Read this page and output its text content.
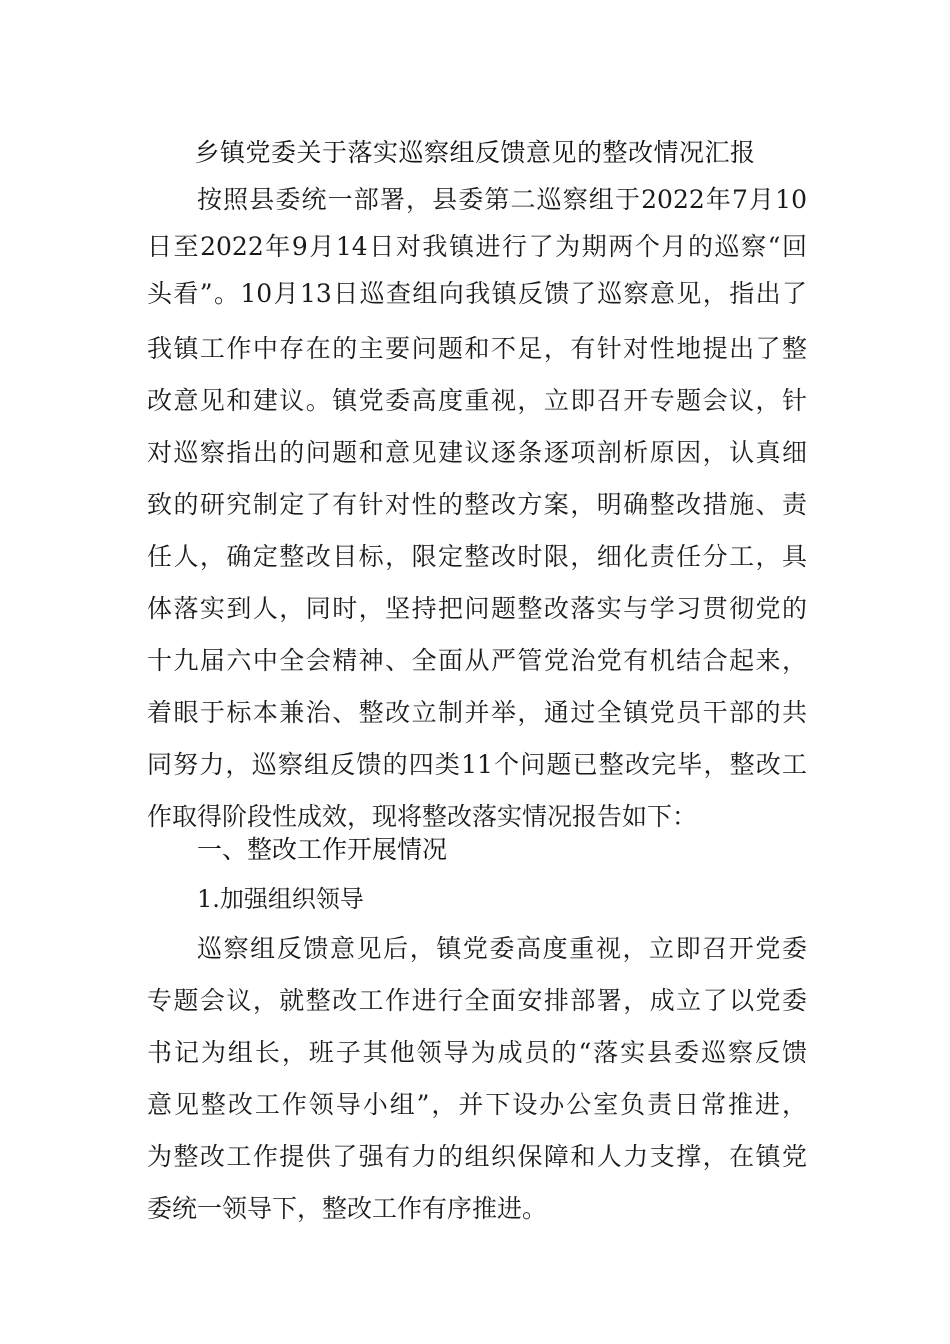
乡镇党委关于落实巡察组反馈意见的整改情况汇报
按照县委统一部署，县委第二巡察组于2022年7月10
日至2022年9月14日对我镇进行了为期两个月的巡察“回
头看”。10月13日巡查组向我镇反馈了巡察意见，指出了
我镇工作中存在的主要问题和不足，有针对性地提出了整
改意见和建议。镇党委高度重视，立即召开专题会议，针
对巡察指出的问题和意见建议逐条逐项剖析原因，认真细
致的研究制定了有针对性的整改方案，明确整改措施、责
任人，确定整改目标，限定整改时限，细化责任分工，具
体落实到人，同时，坚持把问题整改落实与学习贯彻党的
十九届六中全会精神、全面从严管党治党有机结合起来，
着眼于标本兼治、整改立制并举，通过全镇党员干部的共
同努力，巡察组反馈的四类11个问题已整改完毕，整改工
作取得阶段性成效，现将整改落实情况报告如下：
一、整改工作开展情况
1.加强组织领导
巡察组反馈意见后，镇党委高度重视，立即召开党委
专题会议，就整改工作进行全面安排部署，成立了以党委
书记为组长，班子其他领导为成员的“落实县委巡察反馈
意见整改工作领导小组”，并下设办公室负责日常推进，
为整改工作提供了强有力的组织保障和人力支撑，在镇党
委统一领导下，整改工作有序推进。
